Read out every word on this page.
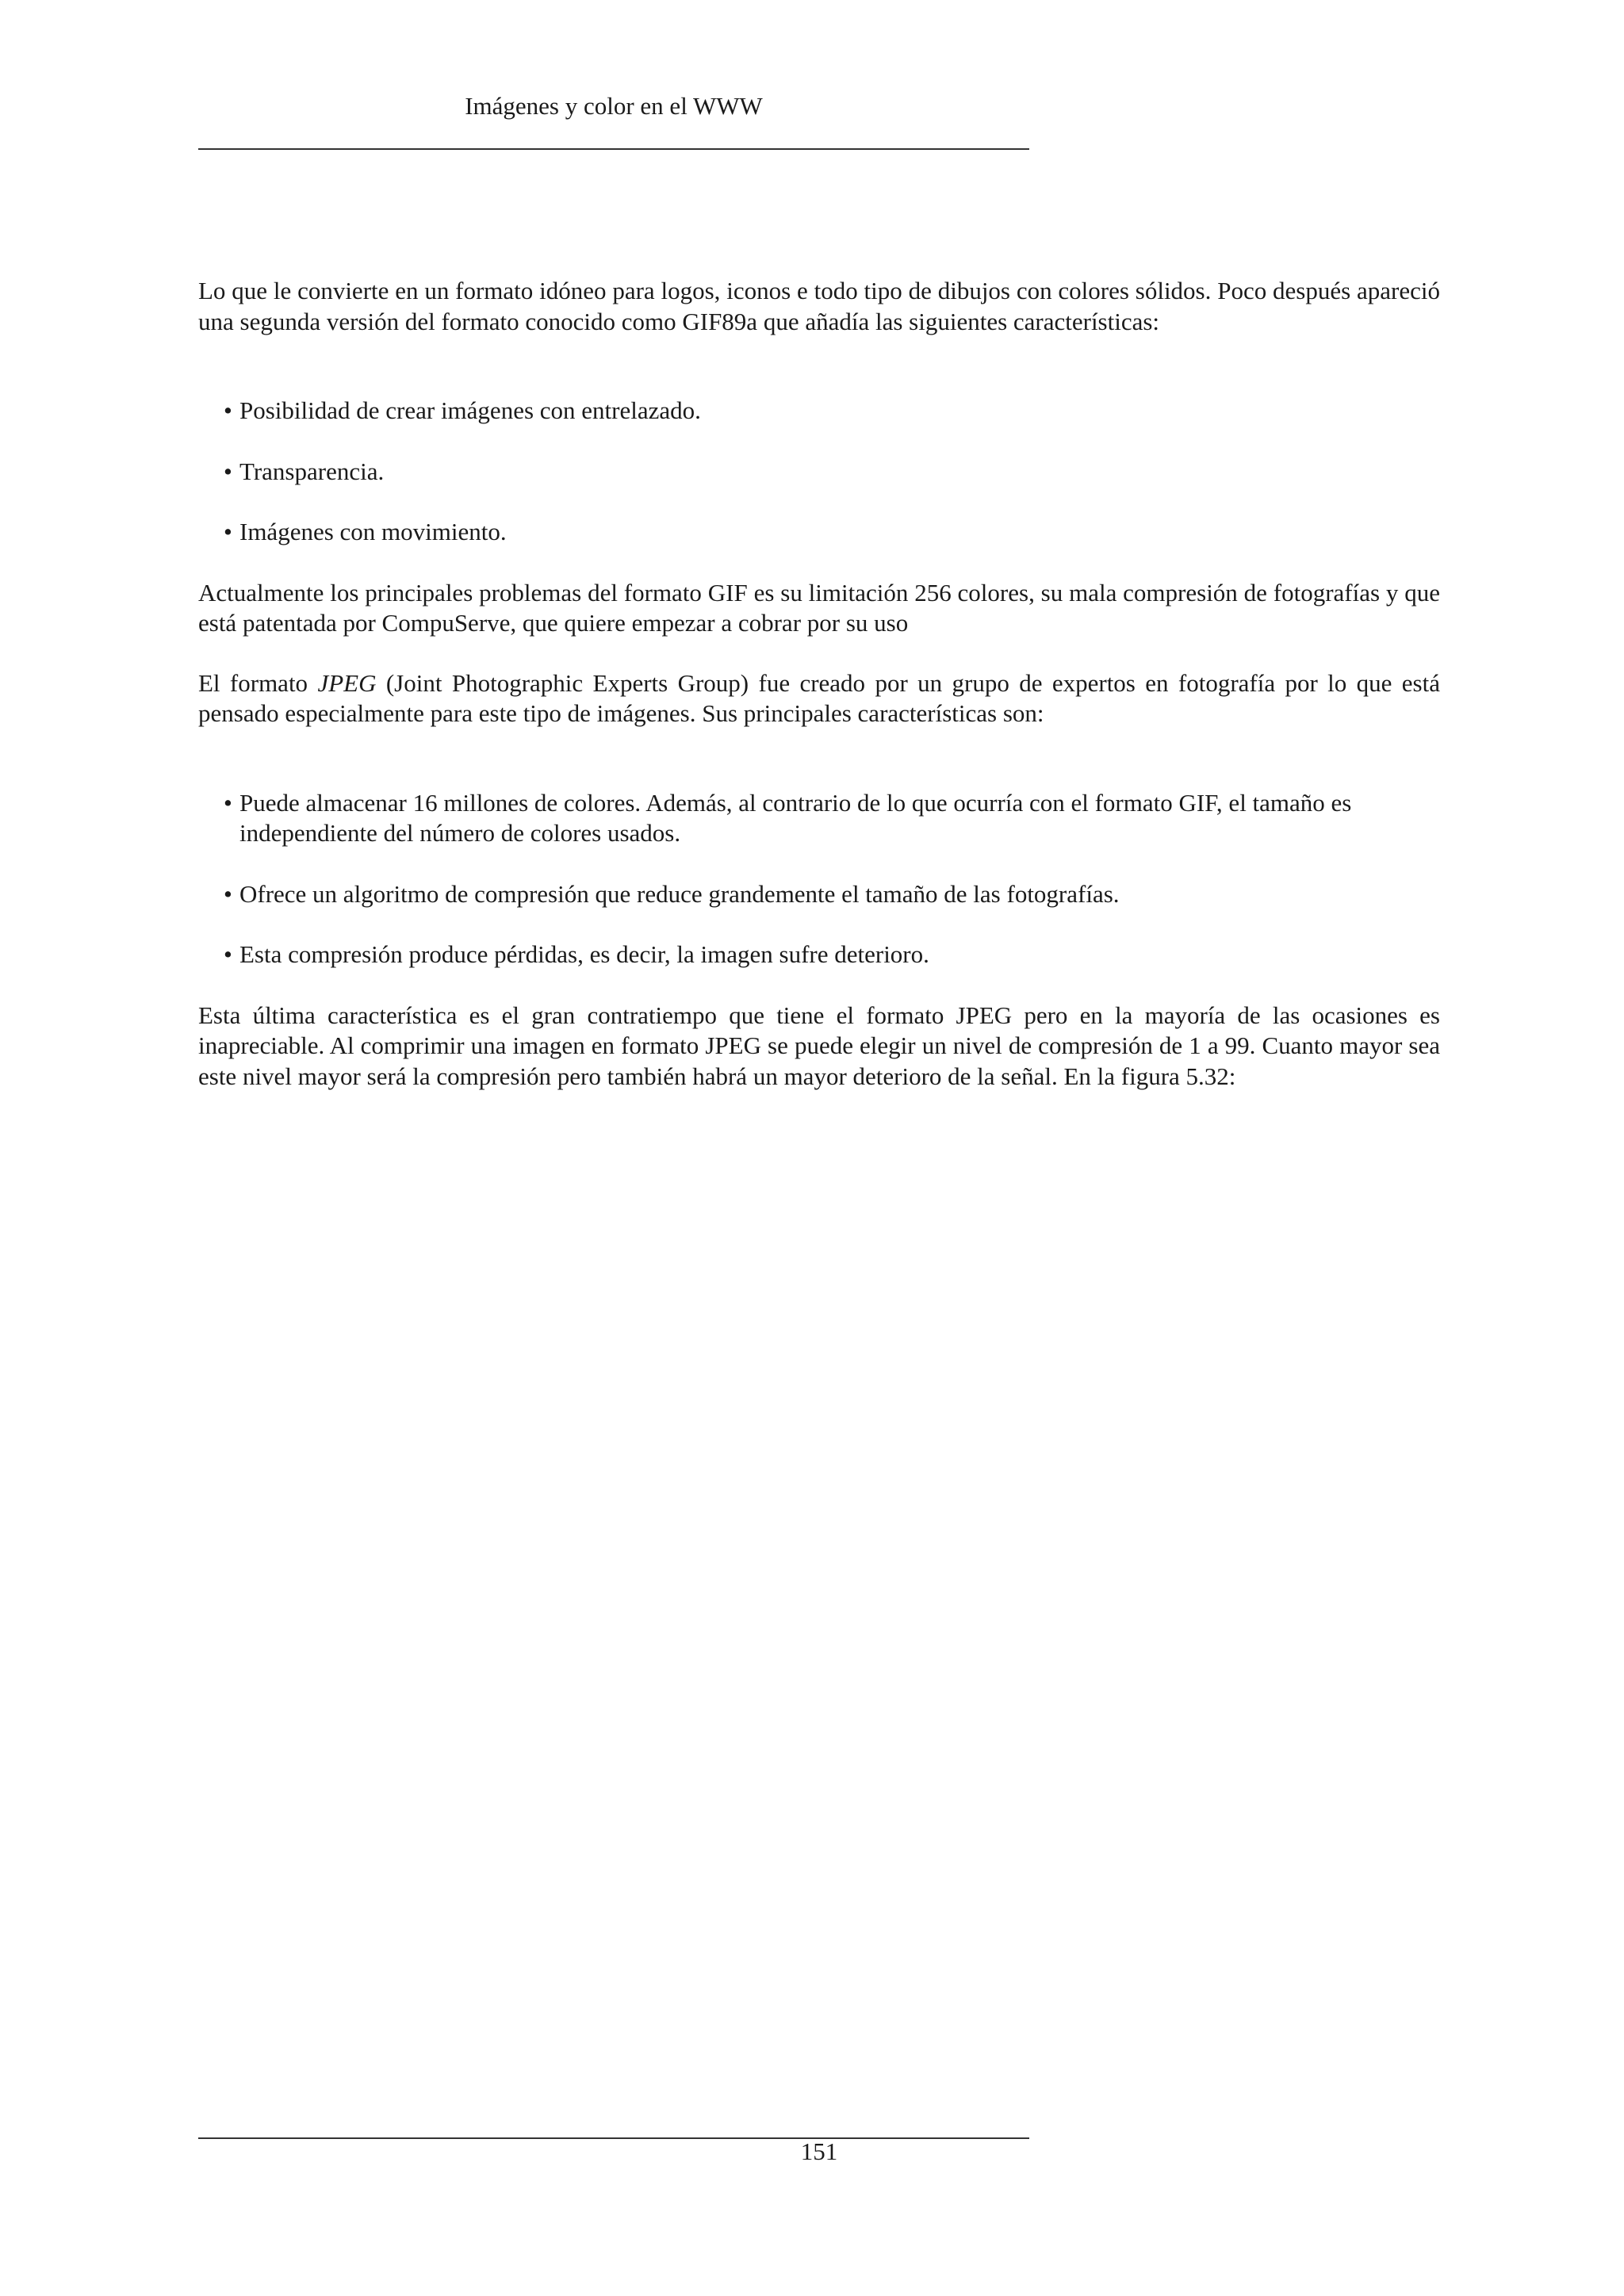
Imágenes y color en el WWW

Lo que le convierte en un formato idóneo para logos, iconos e todo tipo de dibujos con colores sólidos. Poco después apareció una segunda versión del formato conocido como GIF89a que añadía las siguientes características:

• Posibilidad de crear imágenes con entrelazado.
• Transparencia.
• Imágenes con movimiento.

Actualmente los principales problemas del formato GIF es su limitación 256 colores, su mala compresión de fotografías y que está patentada por CompuServe, que quiere empezar a cobrar por su uso

El formato JPEG (Joint Photographic Experts Group) fue creado por un grupo de expertos en fotografía por lo que está pensado especialmente para este tipo de imágenes. Sus principales características son:

• Puede almacenar 16 millones de colores. Además, al contrario de lo que ocurría con el formato GIF, el tamaño es independiente del número de colores usados.
• Ofrece un algoritmo de compresión que reduce grandemente el tamaño de las fotografías.
• Esta compresión produce pérdidas, es decir, la imagen sufre deterioro.

Esta última característica es el gran contratiempo que tiene el formato JPEG pero en la mayoría de las ocasiones es inapreciable. Al comprimir una imagen en formato JPEG se puede elegir un nivel de compresión de 1 a 99. Cuanto mayor sea este nivel mayor será la compresión pero también habrá un mayor deterioro de la señal. En la figura 5.32:

151
